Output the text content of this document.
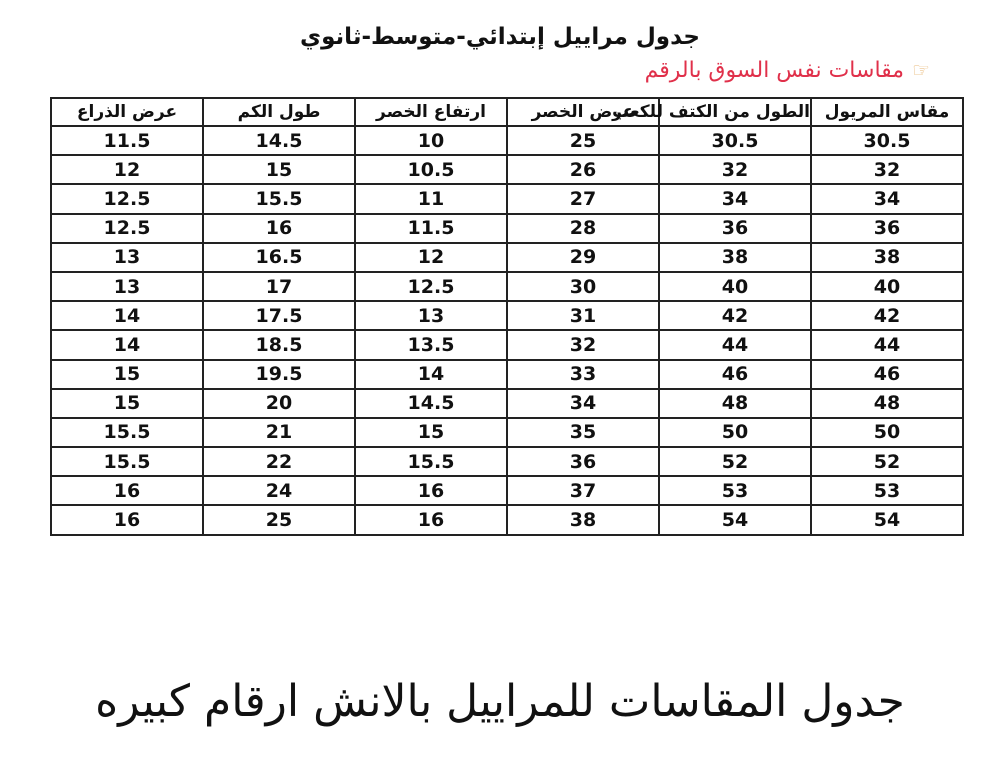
جدول مراييل إبتدائي-متوسط-ثانوي
☞مقاسات نفس السوق بالرقم
مقاس المريول	الطول من الكتف للكعب	عرض الخصر	ارتفاع الخصر	طول الكم	عرض الذراع
30.5	30.5	25	10	14.5	11.5
32	32	26	10.5	15	12
34	34	27	11	15.5	12.5
36	36	28	11.5	16	12.5
38	38	29	12	16.5	13
40	40	30	12.5	17	13
42	42	31	13	17.5	14
44	44	32	13.5	18.5	14
46	46	33	14	19.5	15
48	48	34	14.5	20	15
50	50	35	15	21	15.5
52	52	36	15.5	22	15.5
53	53	37	16	24	16
54	54	38	16	25	16
جدول المقاسات للمراييل بالانش ارقام كبيره
